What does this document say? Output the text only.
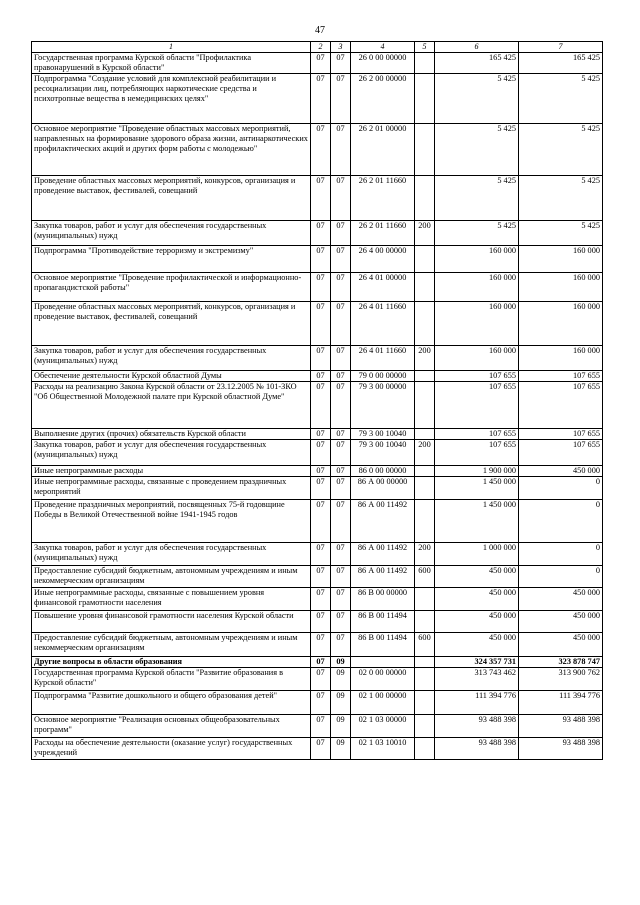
47
1	2	3	4	5	6	7
Государственная программа Курской области "Профилактика правонарушений в Курской области"	07	07	26 0 00 00000		165 425	165 425
Подпрограмма "Создание условий для комплексной реабилитации и ресоциализации лиц, потребляющих наркотические средства и психотропные вещества в немедицинских целях"	07	07	26 2 00 00000		5 425	5 425
Основное мероприятие "Проведение областных массовых мероприятий, направленных на формирование здорового образа жизни, антинаркотических профилактических акций и других форм работы с молодежью"	07	07	26 2 01 00000		5 425	5 425
Проведение областных массовых мероприятий, конкурсов, организация и проведение выставок, фестивалей, совещаний	07	07	26 2 01 11660		5 425	5 425
Закупка товаров, работ и услуг для обеспечения государственных (муниципальных) нужд	07	07	26 2 01 11660	200	5 425	5 425
Подпрограмма "Противодействие терроризму и экстремизму"	07	07	26 4 00 00000		160 000	160 000
Основное мероприятие "Проведение профилактической и информационно-пропагандистской работы"	07	07	26 4 01 00000		160 000	160 000
Проведение областных массовых мероприятий, конкурсов, организация и проведение выставок, фестивалей, совещаний	07	07	26 4 01 11660		160 000	160 000
Закупка товаров, работ и услуг для обеспечения государственных (муниципальных) нужд	07	07	26 4 01 11660	200	160 000	160 000
Обеспечение деятельности Курской областной Думы	07	07	79 0 00 00000		107 655	107 655
Расходы на реализацию Закона Курской области от 23.12.2005 № 101-ЗКО "Об Общественной Молодежной палате при Курской областной Думе"	07	07	79 3 00 00000		107 655	107 655
Выполнение других (прочих) обязательств Курской области	07	07	79 3 00 10040		107 655	107 655
Закупка товаров, работ и услуг для обеспечения государственных (муниципальных) нужд	07	07	79 3 00 10040	200	107 655	107 655
Иные непрограммные расходы	07	07	86 0 00 00000		1 900 000	450 000
Иные непрограммные расходы, связанные с проведением праздничных мероприятий	07	07	86 А 00 00000		1 450 000	0
Проведение праздничных мероприятий, посвященных 75-й годовщине Победы в Великой Отечественной войне 1941-1945 годов	07	07	86 А 00 11492		1 450 000	0
Закупка товаров, работ и услуг для обеспечения государственных (муниципальных) нужд	07	07	86 А 00 11492	200	1 000 000	0
Предоставление субсидий бюджетным, автономным учреждениям и иным некоммерческим организациям	07	07	86 А 00 11492	600	450 000	0
Иные непрограммные расходы, связанные с повышением уровня финансовой грамотности населения	07	07	86 В 00 00000		450 000	450 000
Повышение уровня финансовой грамотности населения Курской области	07	07	86 В 00 11494		450 000	450 000
Предоставление субсидий бюджетным, автономным учреждениям и иным некоммерческим организациям	07	07	86 В 00 11494	600	450 000	450 000
Другие вопросы в области образования	07	09			324 357 731	323 878 747
Государственная программа Курской области "Развитие образования в Курской области"	07	09	02 0 00 00000		313 743 462	313 900 762
Подпрограмма "Развитие дошкольного и общего образования детей"	07	09	02 1 00 00000		111 394 776	111 394 776
Основное мероприятие "Реализация основных общеобразовательных программ"	07	09	02 1 03 00000		93 488 398	93 488 398
Расходы на обеспечение деятельности (оказание услуг) государственных учреждений	07	09	02 1 03 10010		93 488 398	93 488 398
